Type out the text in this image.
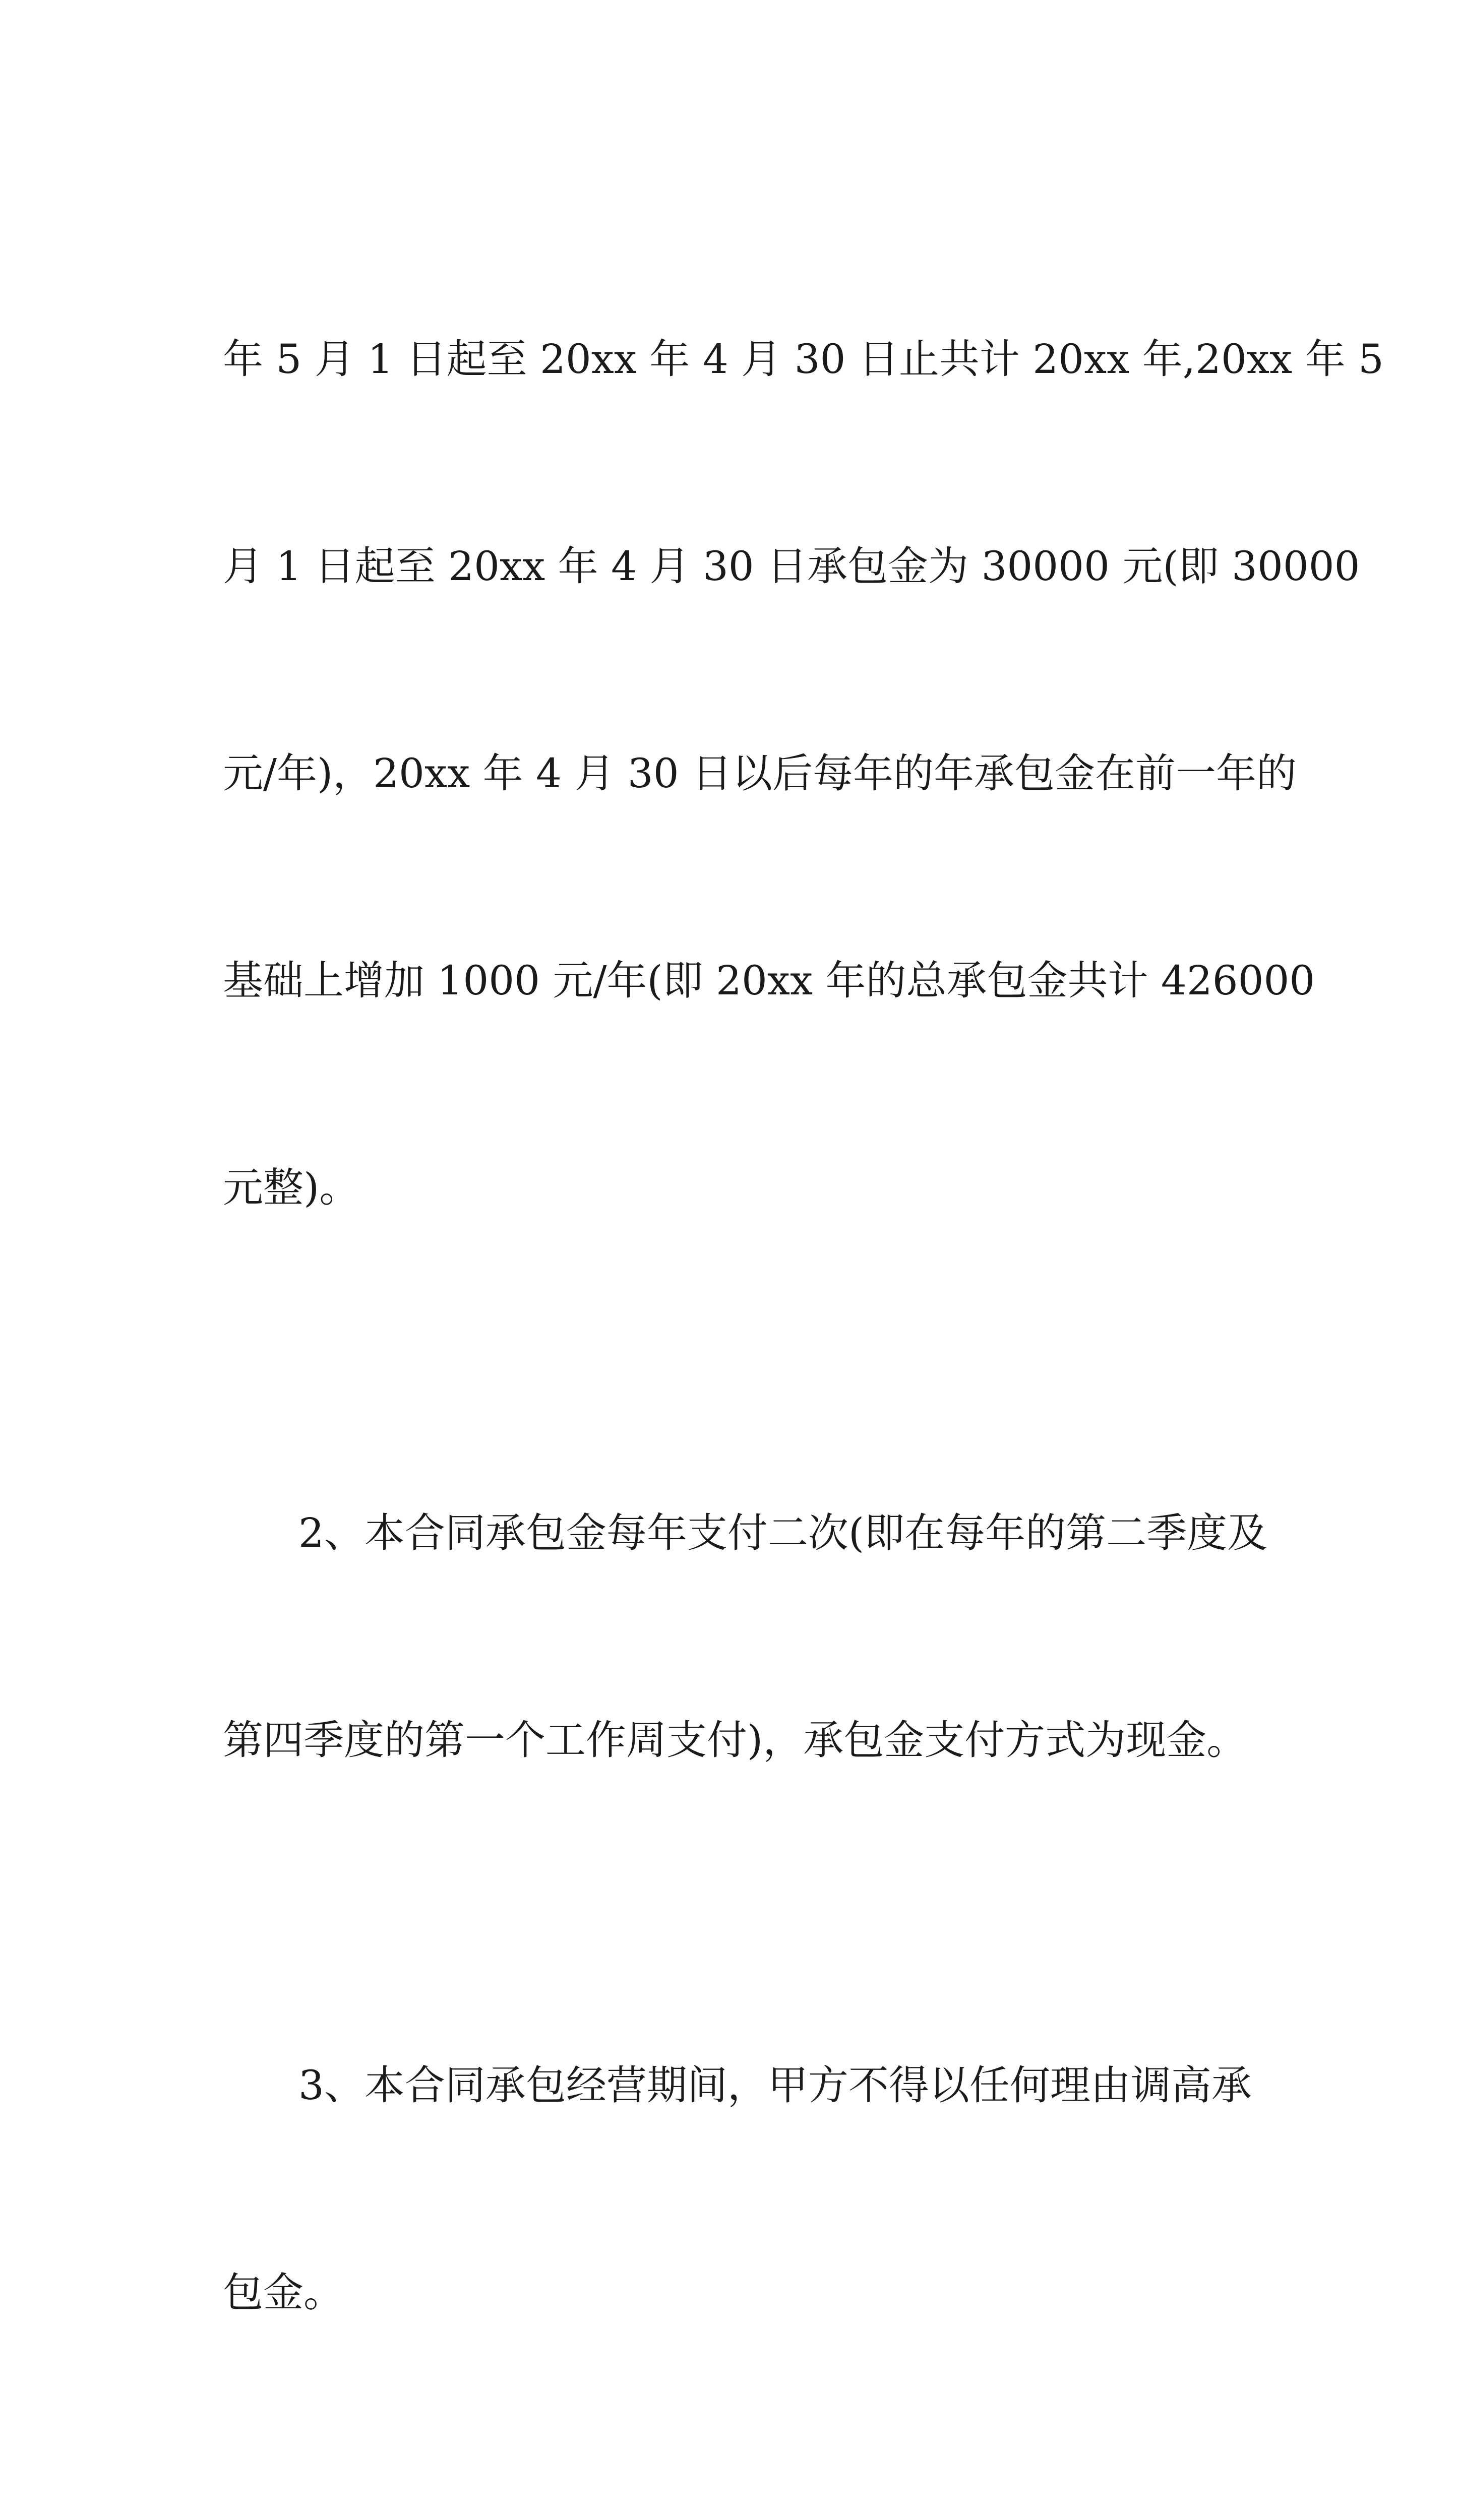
年 5 月 1 日起至 20xx 年 4 月 30 日止共计 20xx 年,20xx 年 5

月 1 日起至 20xx 年 4 月 30 日承包金为 30000 元(即 30000

元/年)，20xx 年 4 月 30 日以后每年的年承包金在前一年的

基础上增加 1000 元/年(即 20xx 年的总承包金共计 426000

元整)。

2、本合同承包金每年支付二次(即在每年的第二季度及

第四季度的第一个工作周支付)，承包金支付方式为现金。

3、本合同承包经营期间，甲方不得以任何理由调高承

包金。
